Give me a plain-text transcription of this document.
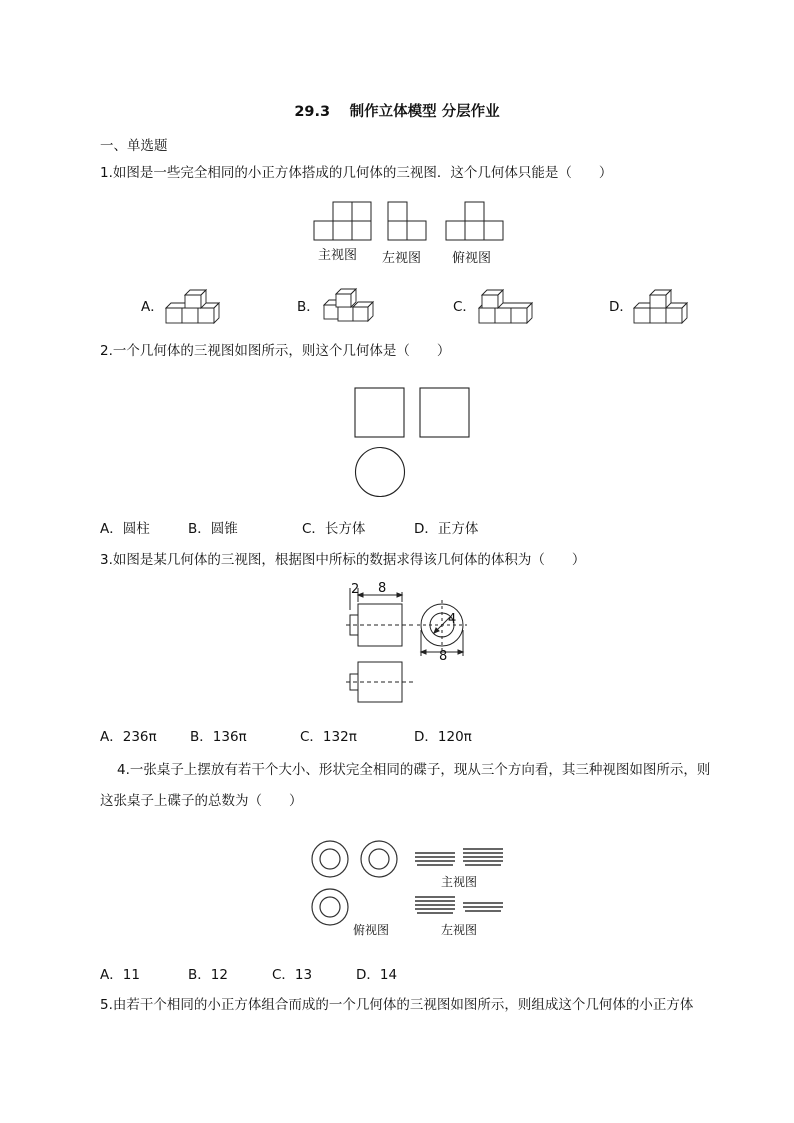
29.3　 制作立体模型 分层作业
一、单选题
1.如图是一些完全相同的小正方体搭成的几何体的三视图．这个几何体只能是（　　）
主视图 左视图 俯视图
A．	B．	C．	D．
2.一个几何体的三视图如图所示，则这个几何体是（　　）
A．圆柱	B．圆锥	C．长方体	D．正方体
3.如图是某几何体的三视图，根据图中所标的数据求得该几何体的体积为（　　）
2 8
4
8
A．236π B．136π	C．132π	D．120π
4.一张桌子上摆放有若干个大小、形状完全相同的碟子，现从三个方向看，其三种视图如图所示，则
这张桌子上碟子的总数为（　　）
主视图
俯视图	左视图
A．11	B．12	C．13	D．14
5.由若干个相同的小正方体组合而成的一个几何体的三视图如图所示，则组成这个几何体的小正方体
